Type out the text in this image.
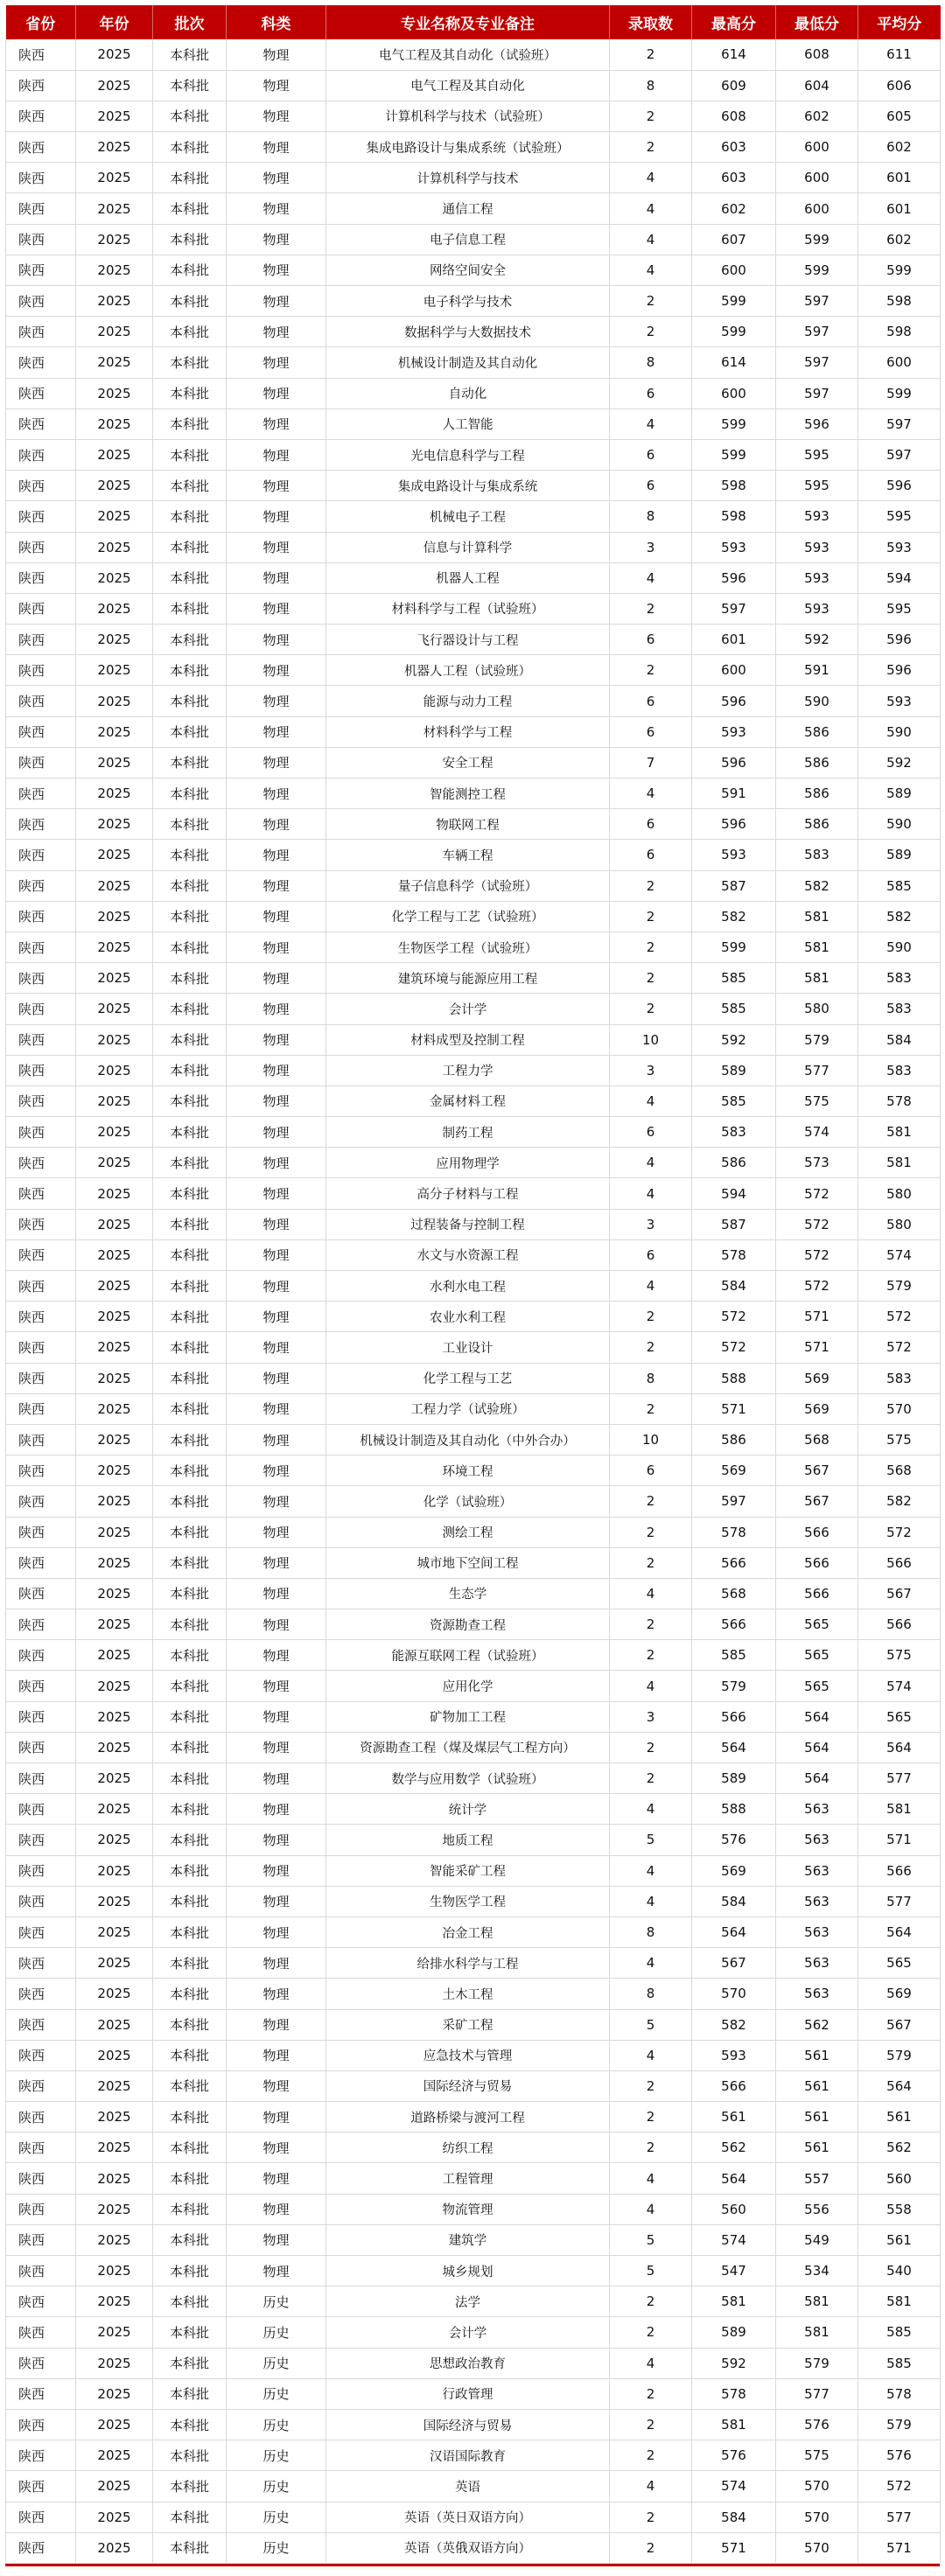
省份	年份	批次	科类	专业名称及专业备注	录取数	最高分	最低分	平均分
陕西	2025	本科批	物理	电气工程及其自动化（试验班）	2	614	608	611
陕西	2025	本科批	物理	电气工程及其自动化	8	609	604	606
陕西	2025	本科批	物理	计算机科学与技术（试验班）	2	608	602	605
陕西	2025	本科批	物理	集成电路设计与集成系统（试验班）	2	603	600	602
陕西	2025	本科批	物理	计算机科学与技术	4	603	600	601
陕西	2025	本科批	物理	通信工程	4	602	600	601
陕西	2025	本科批	物理	电子信息工程	4	607	599	602
陕西	2025	本科批	物理	网络空间安全	4	600	599	599
陕西	2025	本科批	物理	电子科学与技术	2	599	597	598
陕西	2025	本科批	物理	数据科学与大数据技术	2	599	597	598
陕西	2025	本科批	物理	机械设计制造及其自动化	8	614	597	600
陕西	2025	本科批	物理	自动化	6	600	597	599
陕西	2025	本科批	物理	人工智能	4	599	596	597
陕西	2025	本科批	物理	光电信息科学与工程	6	599	595	597
陕西	2025	本科批	物理	集成电路设计与集成系统	6	598	595	596
陕西	2025	本科批	物理	机械电子工程	8	598	593	595
陕西	2025	本科批	物理	信息与计算科学	3	593	593	593
陕西	2025	本科批	物理	机器人工程	4	596	593	594
陕西	2025	本科批	物理	材料科学与工程（试验班）	2	597	593	595
陕西	2025	本科批	物理	飞行器设计与工程	6	601	592	596
陕西	2025	本科批	物理	机器人工程（试验班）	2	600	591	596
陕西	2025	本科批	物理	能源与动力工程	6	596	590	593
陕西	2025	本科批	物理	材料科学与工程	6	593	586	590
陕西	2025	本科批	物理	安全工程	7	596	586	592
陕西	2025	本科批	物理	智能测控工程	4	591	586	589
陕西	2025	本科批	物理	物联网工程	6	596	586	590
陕西	2025	本科批	物理	车辆工程	6	593	583	589
陕西	2025	本科批	物理	量子信息科学（试验班）	2	587	582	585
陕西	2025	本科批	物理	化学工程与工艺（试验班）	2	582	581	582
陕西	2025	本科批	物理	生物医学工程（试验班）	2	599	581	590
陕西	2025	本科批	物理	建筑环境与能源应用工程	2	585	581	583
陕西	2025	本科批	物理	会计学	2	585	580	583
陕西	2025	本科批	物理	材料成型及控制工程	10	592	579	584
陕西	2025	本科批	物理	工程力学	3	589	577	583
陕西	2025	本科批	物理	金属材料工程	4	585	575	578
陕西	2025	本科批	物理	制药工程	6	583	574	581
陕西	2025	本科批	物理	应用物理学	4	586	573	581
陕西	2025	本科批	物理	高分子材料与工程	4	594	572	580
陕西	2025	本科批	物理	过程装备与控制工程	3	587	572	580
陕西	2025	本科批	物理	水文与水资源工程	6	578	572	574
陕西	2025	本科批	物理	水利水电工程	4	584	572	579
陕西	2025	本科批	物理	农业水利工程	2	572	571	572
陕西	2025	本科批	物理	工业设计	2	572	571	572
陕西	2025	本科批	物理	化学工程与工艺	8	588	569	583
陕西	2025	本科批	物理	工程力学（试验班）	2	571	569	570
陕西	2025	本科批	物理	机械设计制造及其自动化（中外合办）	10	586	568	575
陕西	2025	本科批	物理	环境工程	6	569	567	568
陕西	2025	本科批	物理	化学（试验班）	2	597	567	582
陕西	2025	本科批	物理	测绘工程	2	578	566	572
陕西	2025	本科批	物理	城市地下空间工程	2	566	566	566
陕西	2025	本科批	物理	生态学	4	568	566	567
陕西	2025	本科批	物理	资源勘查工程	2	566	565	566
陕西	2025	本科批	物理	能源互联网工程（试验班）	2	585	565	575
陕西	2025	本科批	物理	应用化学	4	579	565	574
陕西	2025	本科批	物理	矿物加工工程	3	566	564	565
陕西	2025	本科批	物理	资源勘查工程（煤及煤层气工程方向）	2	564	564	564
陕西	2025	本科批	物理	数学与应用数学（试验班）	2	589	564	577
陕西	2025	本科批	物理	统计学	4	588	563	581
陕西	2025	本科批	物理	地质工程	5	576	563	571
陕西	2025	本科批	物理	智能采矿工程	4	569	563	566
陕西	2025	本科批	物理	生物医学工程	4	584	563	577
陕西	2025	本科批	物理	冶金工程	8	564	563	564
陕西	2025	本科批	物理	给排水科学与工程	4	567	563	565
陕西	2025	本科批	物理	土木工程	8	570	563	569
陕西	2025	本科批	物理	采矿工程	5	582	562	567
陕西	2025	本科批	物理	应急技术与管理	4	593	561	579
陕西	2025	本科批	物理	国际经济与贸易	2	566	561	564
陕西	2025	本科批	物理	道路桥梁与渡河工程	2	561	561	561
陕西	2025	本科批	物理	纺织工程	2	562	561	562
陕西	2025	本科批	物理	工程管理	4	564	557	560
陕西	2025	本科批	物理	物流管理	4	560	556	558
陕西	2025	本科批	物理	建筑学	5	574	549	561
陕西	2025	本科批	物理	城乡规划	5	547	534	540
陕西	2025	本科批	历史	法学	2	581	581	581
陕西	2025	本科批	历史	会计学	2	589	581	585
陕西	2025	本科批	历史	思想政治教育	4	592	579	585
陕西	2025	本科批	历史	行政管理	2	578	577	578
陕西	2025	本科批	历史	国际经济与贸易	2	581	576	579
陕西	2025	本科批	历史	汉语国际教育	2	576	575	576
陕西	2025	本科批	历史	英语	4	574	570	572
陕西	2025	本科批	历史	英语（英日双语方向）	2	584	570	577
陕西	2025	本科批	历史	英语（英俄双语方向）	2	571	570	571
